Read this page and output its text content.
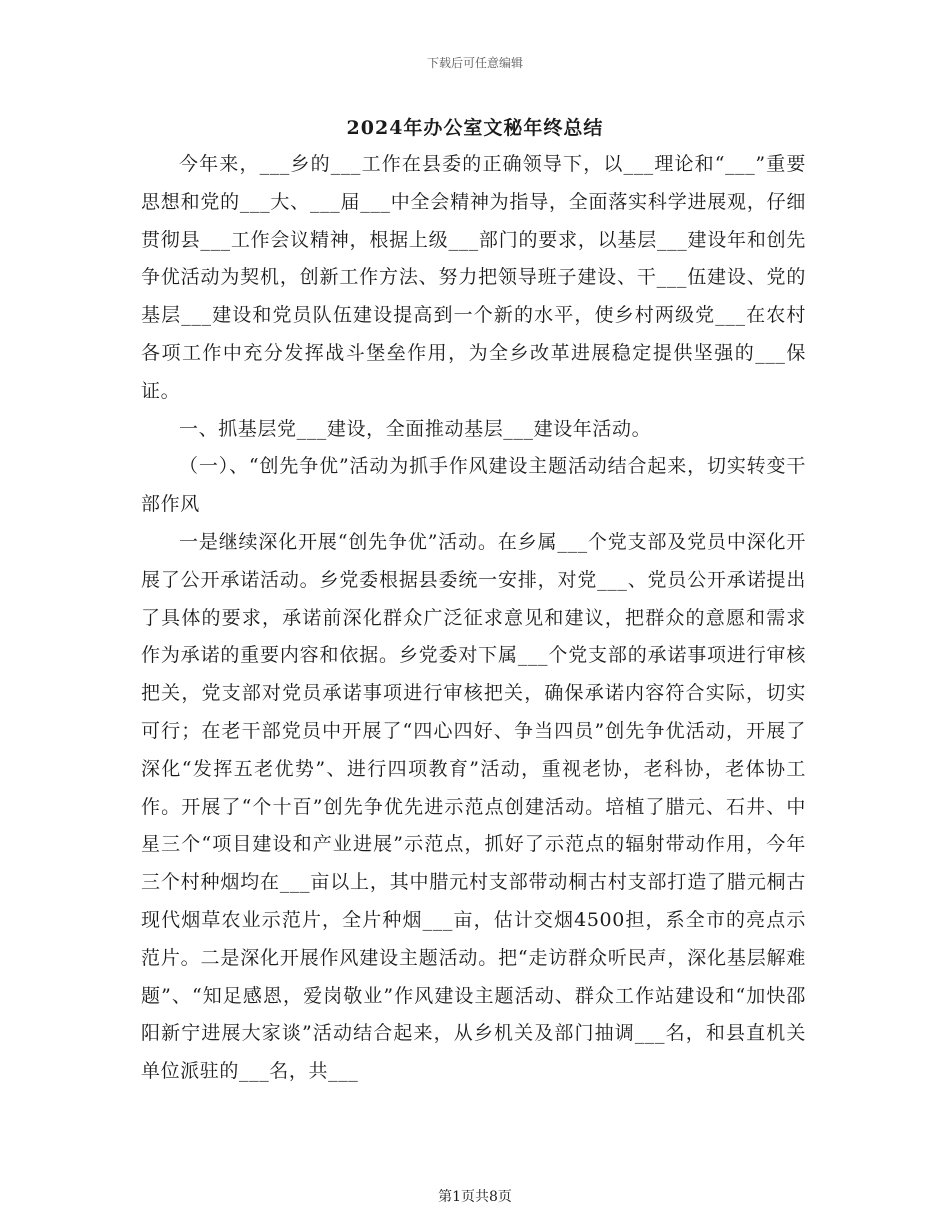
下载后可任意编辑
2024年办公室文秘年终总结

今年来，___乡的___工作在县委的正确领导下，以___理论和“___”重要思想和党的___大、___届___中全会精神为指导，全面落实科学进展观，仔细贯彻县___工作会议精神，根据上级___部门的要求，以基层___建设年和创先争优活动为契机，创新工作方法、努力把领导班子建设、干___伍建设、党的基层___建设和党员队伍建设提高到一个新的水平，使乡村两级党___在农村各项工作中充分发挥战斗堡垒作用，为全乡改革进展稳定提供坚强的___保证。

一、抓基层党___建设，全面推动基层___建设年活动。

（一）、“创先争优”活动为抓手作风建设主题活动结合起来，切实转变干部作风

一是继续深化开展“创先争优”活动。在乡属___个党支部及党员中深化开展了公开承诺活动。乡党委根据县委统一安排，对党___、党员公开承诺提出了具体的要求，承诺前深化群众广泛征求意见和建议，把群众的意愿和需求作为承诺的重要内容和依据。乡党委对下属___个党支部的承诺事项进行审核把关，党支部对党员承诺事项进行审核把关，确保承诺内容符合实际，切实可行；在老干部党员中开展了“四心四好、争当四员”创先争优活动，开展了深化“发挥五老优势”、进行四项教育”活动，重视老协，老科协，老体协工作。开展了“个十百”创先争优先进示范点创建活动。培植了腊元、石井、中星三个“项目建设和产业进展”示范点，抓好了示范点的辐射带动作用，今年三个村种烟均在___亩以上，其中腊元村支部带动桐古村支部打造了腊元桐古现代烟草农业示范片，全片种烟___亩，估计交烟4500担，系全市的亮点示范片。二是深化开展作风建设主题活动。把“走访群众听民声，深化基层解难题”、“知足感恩，爱岗敬业”作风建设主题活动、群众工作站建设和“加快邵阳新宁进展大家谈”活动结合起来，从乡机关及部门抽调___名，和县直机关单位派驻的___名，共___

第1页共8页
